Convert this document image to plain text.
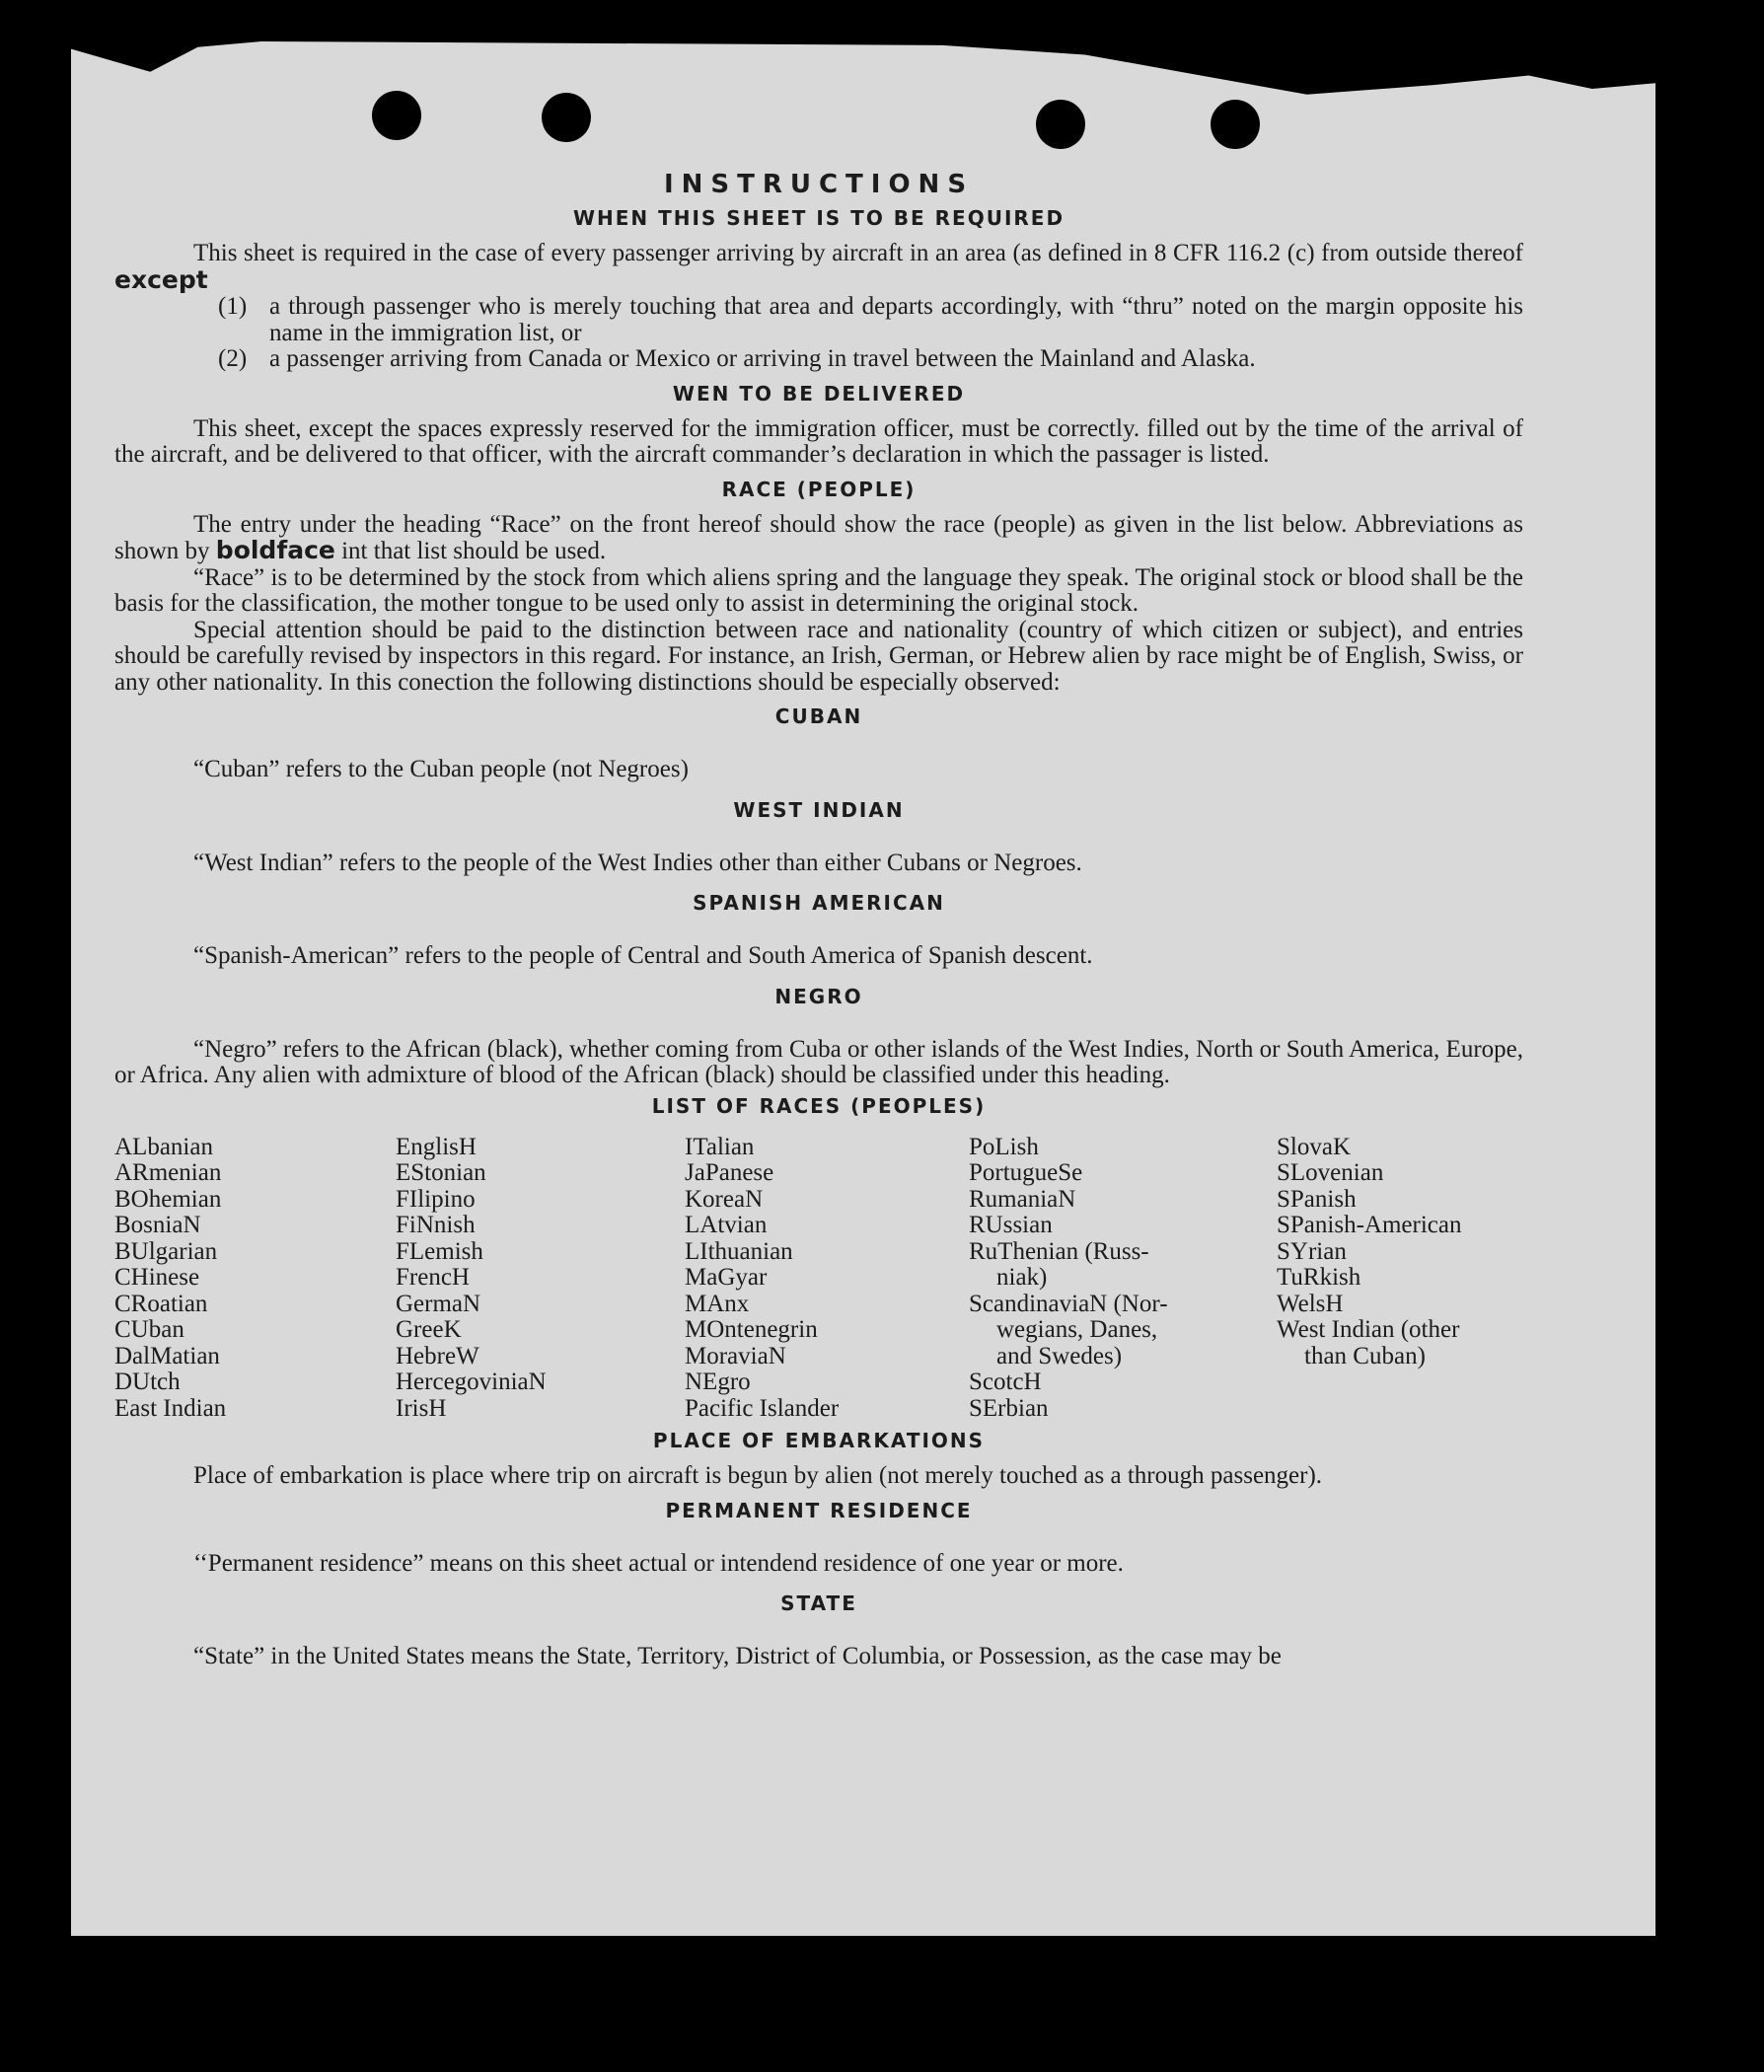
INSTRUCTIONS
WHEN THIS SHEET IS TO BE REQUIRED

This sheet is required in the case of every passenger arriving by aircraft in an area (as defined in 8 CFR 116.2 (c) from outside thereof except

(1) a through passenger who is merely touching that area and departs accordingly, with “thru” noted on the margin opposite his name in the immigration list, or
(2) a passenger arriving from Canada or Mexico or arriving in travel between the Mainland and Alaska.
WEN TO BE DELIVERED

This sheet, except the spaces expressly reserved for the immigration officer, must be correctly. filled out by the time of the arrival of the aircraft, and be delivered to that officer, with the aircraft commander’s declaration in which the passager is listed.

RACE (PEOPLE)

The entry under the heading “Race” on the front hereof should show the race (people) as given in the list below. Abbreviations as shown by boldface int that list should be used.

“Race” is to be determined by the stock from which aliens spring and the language they speak. The original stock or blood shall be the basis for the classification, the mother tongue to be used only to assist in determining the original stock.

Special attention should be paid to the distinction between race and nationality (country of which citizen or subject), and entries should be carefully revised by inspectors in this regard. For instance, an Irish, German, or Hebrew alien by race might be of English, Swiss, or any other nationality. In this conection the following distinctions should be especially observed:

CUBAN

“Cuban” refers to the Cuban people (not Negroes)

WEST INDIAN

“West Indian” refers to the people of the West Indies other than either Cubans or Negroes.

SPANISH AMERICAN

“Spanish-American” refers to the people of Central and South America of Spanish descent.

NEGRO

“Negro” refers to the African (black), whether coming from Cuba or other islands of the West Indies, North or South America, Europe, or Africa. Any alien with admixture of blood of the African (black) should be classified under this heading.

LIST OF RACES (PEOPLES)
ALbanian
ARmenian
BOhemian
BosniaN
BUlgarian
CHinese
CRoatian
CUban
DalMatian
DUtch
East Indian
EnglisH
EStonian
FIlipino
FiNnish
FLemish
FrencH
GermaN
GreeK
HebreW
HercegoviniaN
IrisH
ITalian
JaPanese
KoreaN
LAtvian
LIthuanian
MaGyar
MAnx
MOntenegrin
MoraviaN
NEgro
Pacific Islander
PoLish
PortugueSe
RumaniaN
RUssian
RuThenian (Russ-
niak)
ScandinaviaN (Nor-
wegians, Danes,
and Swedes)
ScotcH
SErbian
SlovaK
SLovenian
SPanish
SPanish-American
SYrian
TuRkish
WelsH
West Indian (other
than Cuban)
PLACE OF EMBARKATIONS

Place of embarkation is place where trip on aircraft is begun by alien (not merely touched as a through passenger).

PERMANENT RESIDENCE

‘‘Permanent residence” means on this sheet actual or intendend residence of one year or more.

STATE

“State” in the United States means the State, Territory, District of Columbia, or Possession, as the case may be
